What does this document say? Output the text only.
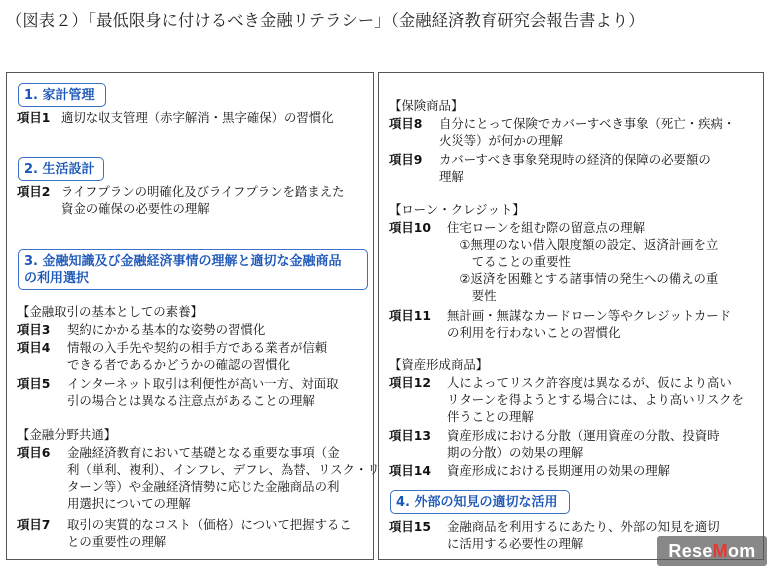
（図表２）「最低限身に付けるべき金融リテラシー」（金融経済教育研究会報告書より）
1. 家計管理
項目1 適切な収支管理（赤字解消・黒字確保）の習慣化
2. 生活設計
項目2 ライフプランの明確化及びライフプランを踏まえた
資金の確保の必要性の理解
3. 金融知識及び金融経済事情の理解と適切な金融商品
の利用選択
【金融取引の基本としての素養】
項目3	契約にかかる基本的な姿勢の習慣化
項目4	情報の入手先や契約の相手方である業者が信頼
できる者であるかどうかの確認の習慣化
項目5	インターネット取引は利便性が高い一方、対面取
引の場合とは異なる注意点があることの理解
【金融分野共通】
項目6	金融経済教育において基礎となる重要な事項（金
利（単利、複利）、インフレ、デフレ、為替、リスク・リ
ターン等）や金融経済情勢に応じた金融商品の利
用選択についての理解
項目7	取引の実質的なコスト（価格）について把握するこ
との重要性の理解
【保険商品】
項目8	自分にとって保険でカバーすべき事象（死亡・疾病・
火災等）が何かの理解
項目9	カバーすべき事象発現時の経済的保障の必要額の
理解
【ローン・クレジット】
項目10	住宅ローンを組む際の留意点の理解
　①無理のない借入限度額の設定、返済計画を立
　　てることの重要性
　②返済を困難とする諸事情の発生への備えの重
　　要性
項目11	無計画・無謀なカードローン等やクレジットカード
の利用を行わないことの習慣化
【資産形成商品】
項目12	人によってリスク許容度は異なるが、仮により高い
リターンを得ようとする場合には、より高いリスクを
伴うことの理解
項目13	資産形成における分散（運用資産の分散、投資時
期の分散）の効果の理解
項目14	資産形成における長期運用の効果の理解
4. 外部の知見の適切な活用
項目15	金融商品を利用するにあたり、外部の知見を適切
に活用する必要性の理解	Rese M om
